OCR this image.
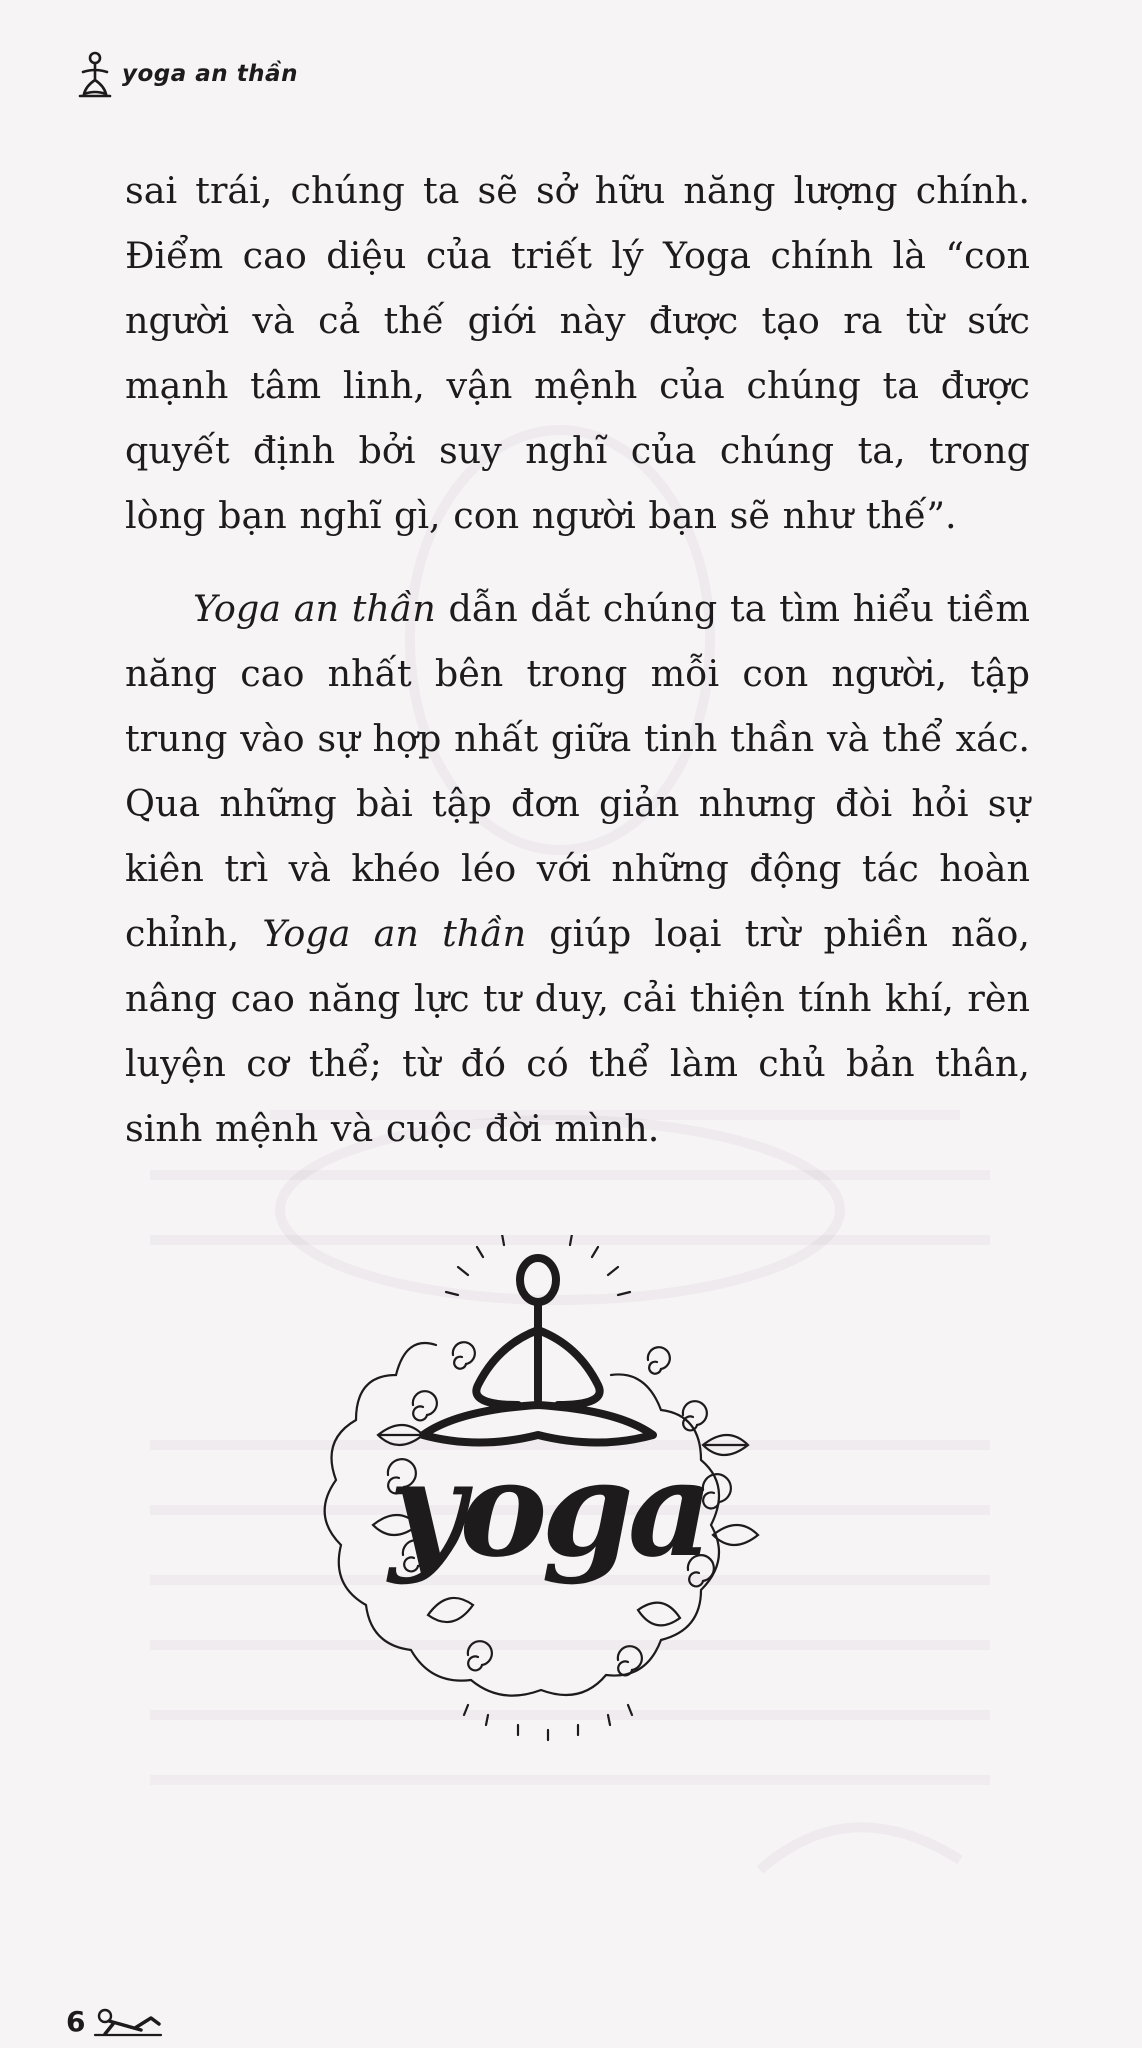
yoga an thần

sai trái, chúng ta sẽ sở hữu năng lượng chính. Điểm cao diệu của triết lý Yoga chính là “con người và cả thế giới này được tạo ra từ sức mạnh tâm linh, vận mệnh của chúng ta được quyết định bởi suy nghĩ của chúng ta, trong lòng bạn nghĩ gì, con người bạn sẽ như thế”.

Yoga an thần dẫn dắt chúng ta tìm hiểu tiềm năng cao nhất bên trong mỗi con người, tập trung vào sự hợp nhất giữa tinh thần và thể xác. Qua những bài tập đơn giản nhưng đòi hỏi sự kiên trì và khéo léo với những động tác hoàn chỉnh, Yoga an thần giúp loại trừ phiền não, nâng cao năng lực tư duy, cải thiện tính khí, rèn luyện cơ thể; từ đó có thể làm chủ bản thân, sinh mệnh và cuộc đời mình.

yoga
6
